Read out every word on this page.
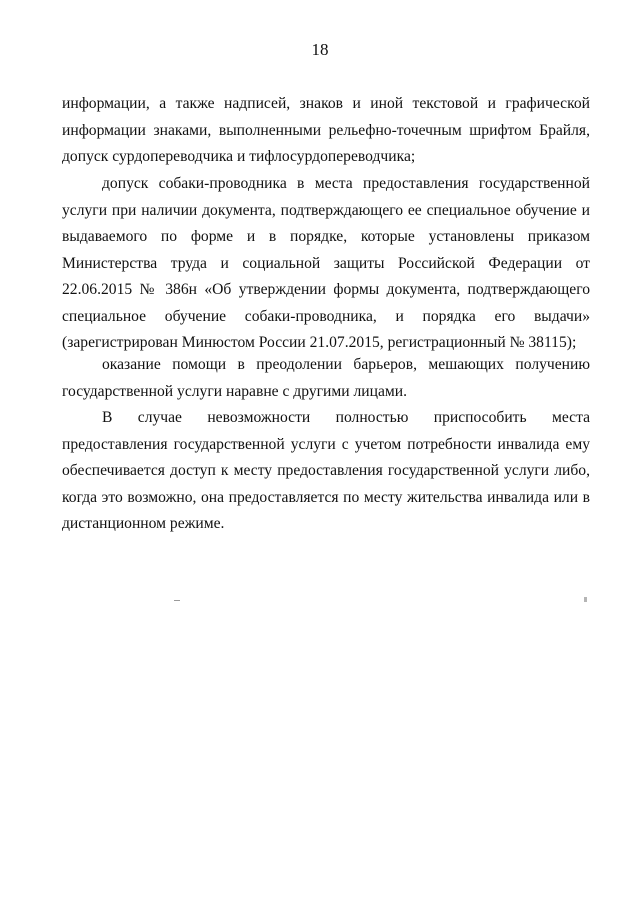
18

информации, а также надписей, знаков и иной текстовой и графической информации знаками, выполненными рельефно-точечным шрифтом Брайля, допуск сурдопереводчика и тифлосурдопереводчика;

допуск собаки-проводника в места предоставления государственной услуги при наличии документа, подтверждающего ее специальное обучение и выдаваемого по форме и в порядке, которые установлены приказом Министерства труда и социальной защиты Российской Федерации от 22.06.2015 № 386н «Об утверждении формы документа, подтверждающего специальное обучение собаки-проводника, и порядка его выдачи» (зарегистрирован Минюстом России 21.07.2015, регистрационный № 38115);

оказание помощи в преодолении барьеров, мешающих получению государственной услуги наравне с другими лицами.

В случае невозможности полностью приспособить места предоставления государственной услуги с учетом потребности инвалида ему обеспечивается доступ к месту предоставления государственной услуги либо, когда это возможно, она предоставляется по месту жительства инвалида или в дистанционном режиме.
